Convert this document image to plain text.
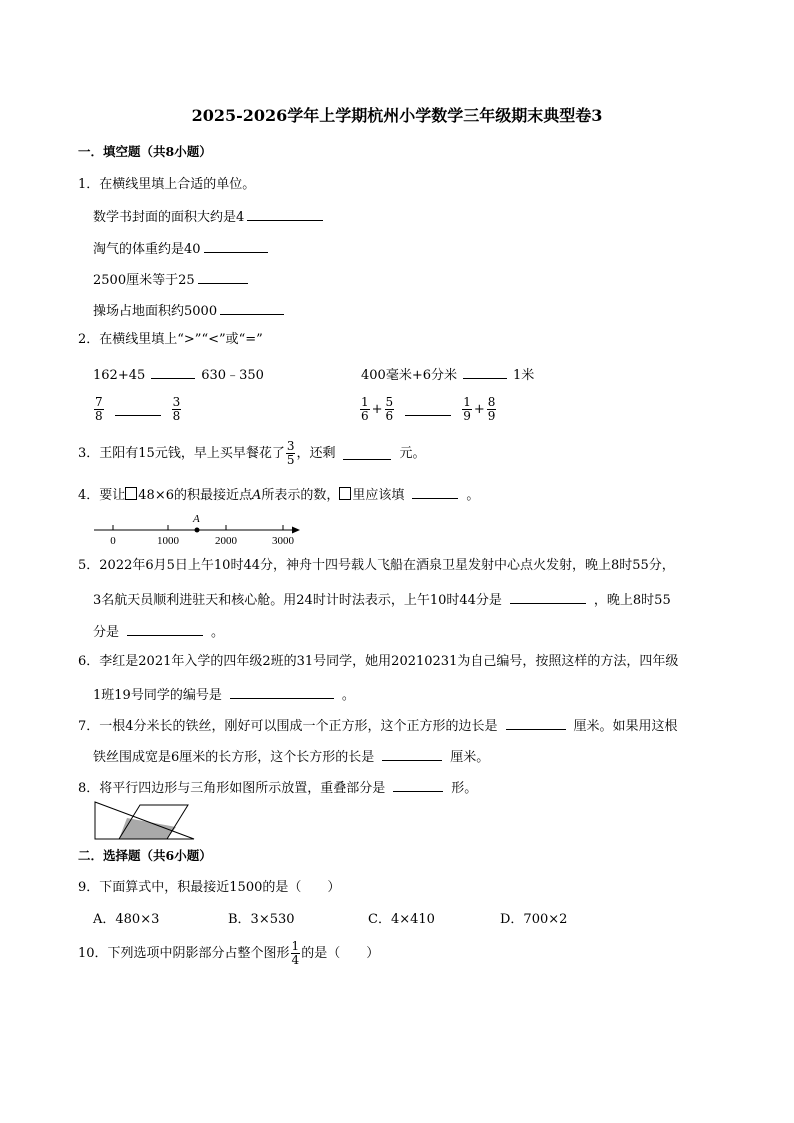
2025-2026学年上学期杭州小学数学三年级期末典型卷3
一．填空题（共8小题）
1．在横线里填上合适的单位。
数学书封面的面积大约是4
淘气的体重约是40
2500厘米等于25
操场占地面积约5000
2．在横线里填上“>”“<”或“=”
162+45	630﹣350	400毫米+6分米	1米
$\frac{7}{8}$	$\frac{3}{8}$	$\frac{1}{6} + \frac{5}{6}$	$\frac{1}{9} + \frac{8}{9}$
3．王阳有15元钱，早上买早餐花了 $\frac{3}{5}$ ，还剩	元。
4．要让 48×6的积最接近点A所表示的数， 里应该填	。
A
0	1000	2000	3000
5．2022年6月5日上午10时44分，神舟十四号载人飞船在酒泉卫星发射中心点火发射，晚上8时55分，
3名航天员顺利进驻天和核心舱。用24时计时法表示，上午10时44分是	，晚上8时55
分是	。
6．李红是2021年入学的四年级2班的31号同学，她用20210231为自己编号，按照这样的方法，四年级
1班19号同学的编号是	。
7．一根4分米长的铁丝，刚好可以围成一个正方形，这个正方形的边长是	厘米。如果用这根
铁丝围成宽是6厘米的长方形，这个长方形的长是	厘米。
8．将平行四边形与三角形如图所示放置，重叠部分是	形。
二．选择题（共6小题）
9．下面算式中，积最接近1500的是（　　）
A．480×3	B．3×530	C．4×410	D．700×2
10．下列选项中阴影部分占整个图形 $\frac{1}{4}$ 的是（　　）
